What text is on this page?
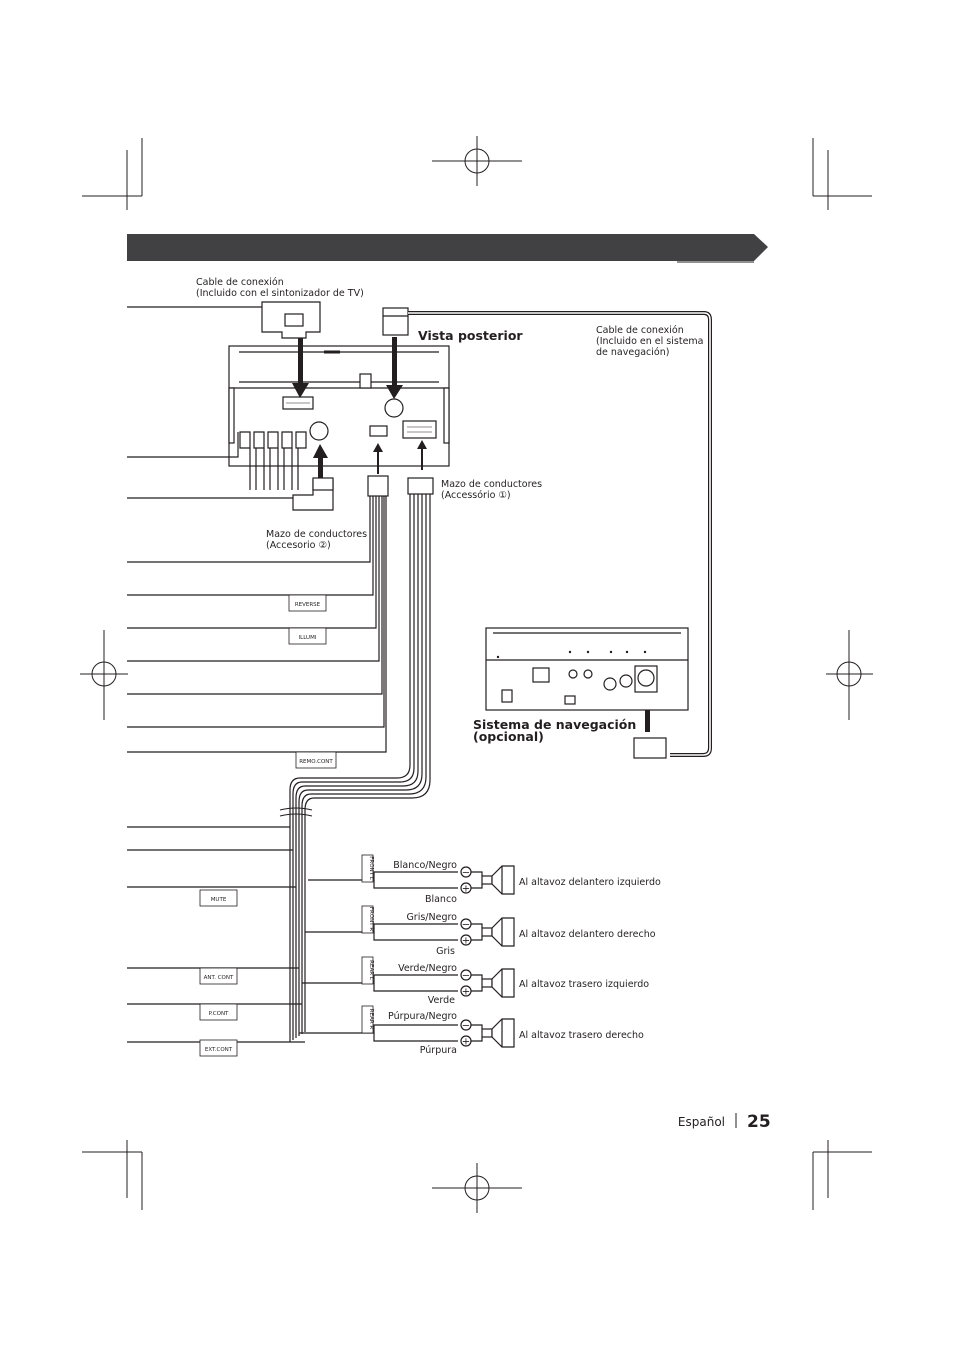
Cable de conexión
(Incluido con el sintonizador de TV)
Cable de conexión
(Incluido en el sistema
de navegación)
Vista posterior
Mazo de conductores
(Accessório ①)
Mazo de conductores
(Accesorio ②)
Sistema de navegación
(opcional)
REVERSE
ILLUMI
REMO.CONT
MUTE
ANT. CONT
P.CONT
EXT.CONT
FRONT L
FRONT R
REAR L
REAR R
Blanco/Negro
Blanco
Gris/Negro
Gris
Verde/Negro
Verde
Púrpura/Negro
Púrpura
−
+
−
+
−
+
−
+
Al altavoz delantero izquierdo
Al altavoz delantero derecho
Al altavoz trasero izquierdo
Al altavoz trasero derecho
Español 25
